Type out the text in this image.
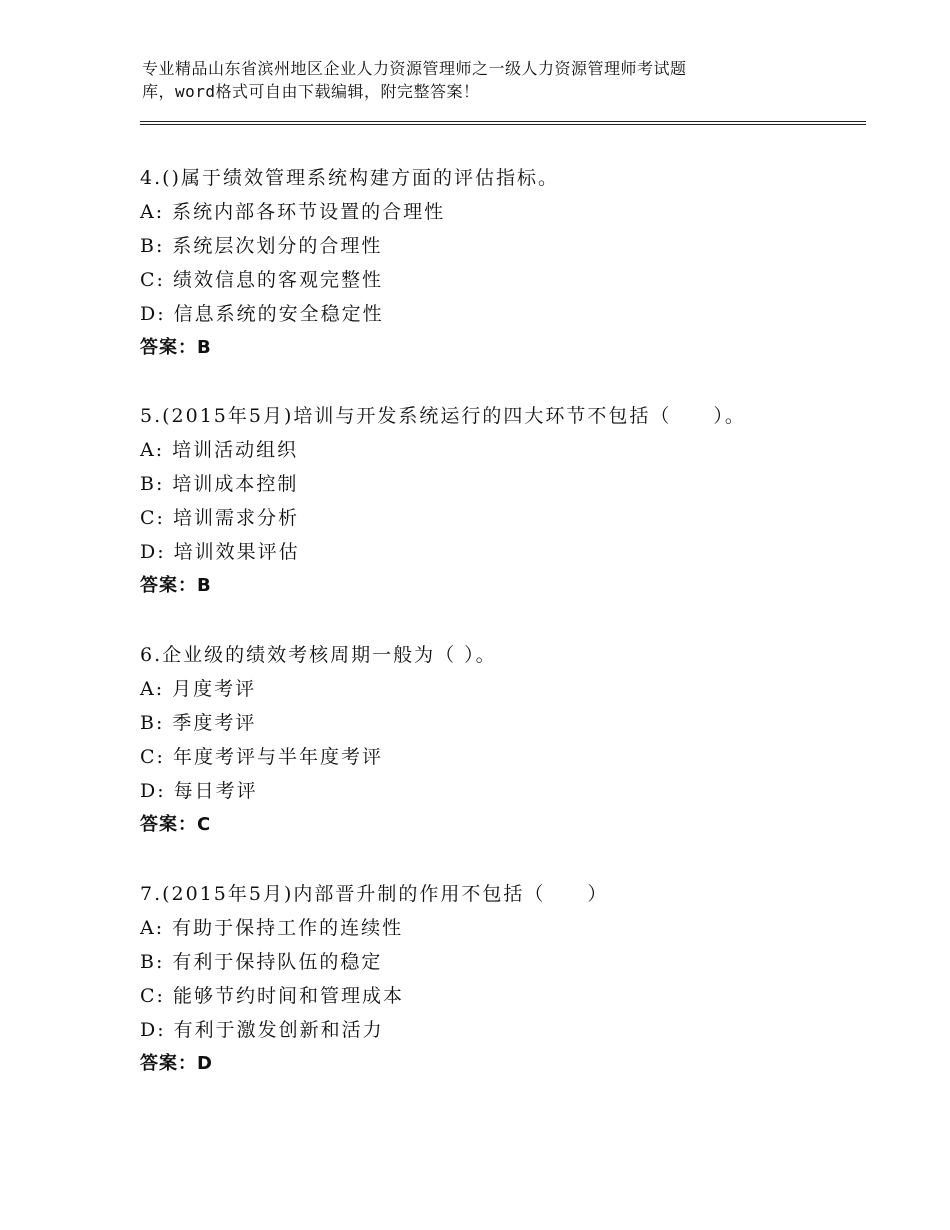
专业精品山东省滨州地区企业人力资源管理师之一级人力资源管理师考试题
库，word格式可自由下载编辑，附完整答案！
4.()属于绩效管理系统构建方面的评估指标。
A: 系统内部各环节设置的合理性
B: 系统层次划分的合理性
C: 绩效信息的客观完整性
D: 信息系统的安全稳定性
答案：B
5.(2015年5月)培训与开发系统运行的四大环节不包括（　　）。
A: 培训活动组织
B: 培训成本控制
C: 培训需求分析
D: 培训效果评估
答案：B
6.企业级的绩效考核周期一般为（ ）。
A: 月度考评
B: 季度考评
C: 年度考评与半年度考评
D: 每日考评
答案：C
7.(2015年5月)内部晋升制的作用不包括（　　）
A: 有助于保持工作的连续性
B: 有利于保持队伍的稳定
C: 能够节约时间和管理成本
D: 有利于激发创新和活力
答案：D
